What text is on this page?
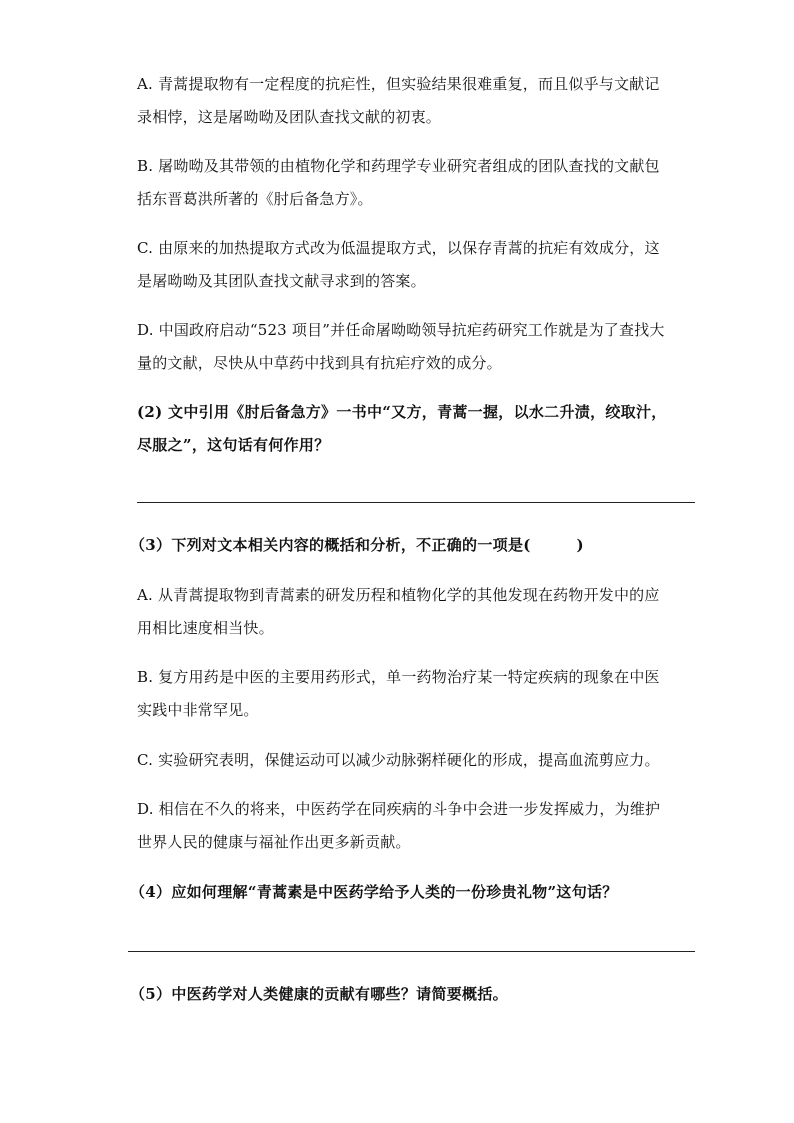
A. 青蒿提取物有一定程度的抗疟性，但实验结果很难重复，而且似乎与文献记
录相悖，这是屠呦呦及团队查找文献的初衷。
B. 屠呦呦及其带领的由植物化学和药理学专业研究者组成的团队查找的文献包
括东晋葛洪所著的《肘后备急方》。
C. 由原来的加热提取方式改为低温提取方式，以保存青蒿的抗疟有效成分，这
是屠呦呦及其团队查找文献寻求到的答案。
D. 中国政府启动“523 项目”并任命屠呦呦领导抗疟药研究工作就是为了查找大
量的文献，尽快从中草药中找到具有抗疟疗效的成分。
(2) 文中引用《肘后备急方》一书中“又方，青蒿一握，以水二升渍，绞取汁，
尽服之”，这句话有何作用？
（3）下列对文本相关内容的概括和分析，不正确的一项是(　　　)
A. 从青蒿提取物到青蒿素的研发历程和植物化学的其他发现在药物开发中的应
用相比速度相当快。
B. 复方用药是中医的主要用药形式，单一药物治疗某一特定疾病的现象在中医
实践中非常罕见。
C. 实验研究表明，保健运动可以减少动脉粥样硬化的形成，提高血流剪应力。
D. 相信在不久的将来，中医药学在同疾病的斗争中会进一步发挥威力，为维护
世界人民的健康与福祉作出更多新贡献。
（4）应如何理解“青蒿素是中医药学给予人类的一份珍贵礼物”这句话？
（5）中医药学对人类健康的贡献有哪些？请简要概括。
